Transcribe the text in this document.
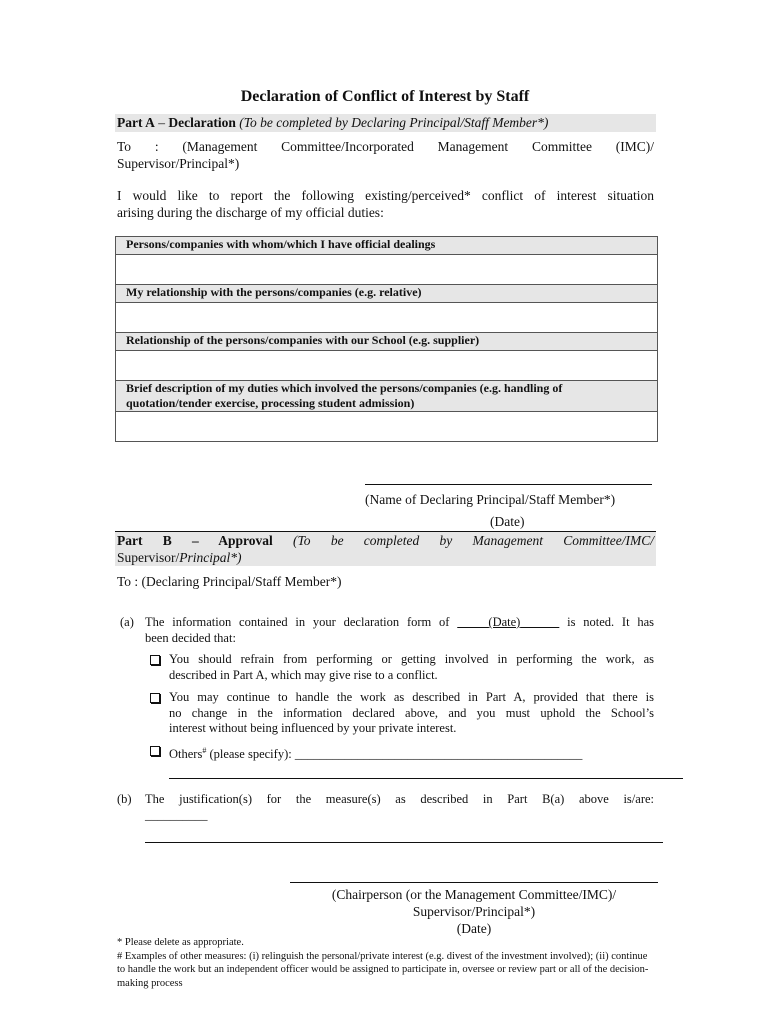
Declaration of Conflict of Interest by Staff
Part A – Declaration (To be completed by Declaring Principal/Staff Member*)
To : (Management Committee/Incorporated Management Committee (IMC)/
Supervisor/Principal*)
I would like to report the following existing/perceived* conflict of interest situation
arising during the discharge of my official duties:
Persons/companies with whom/which I have official dealings

My relationship with the persons/companies (e.g. relative)

Relationship of the persons/companies with our School (e.g. supplier)

Brief description of my duties which involved the persons/companies (e.g. handling of
quotation/tender exercise, processing student admission)

(Name of Declaring Principal/Staff Member*)
(Date)
Part B – Approval (To be completed by Management Committee/IMC/
Supervisor/Principal*)
To : (Declaring Principal/Staff Member*)
(a) The information contained in your declaration form of	(Date)	is noted. It has
been decided that:
You should refrain from performing or getting involved in performing the work, as
described in Part A, which may give rise to a conflict.
You may continue to handle the work as described in Part A, provided that there is
no change in the information declared above, and you must uphold the School’s
interest without being influenced by your private interest.
Others# (please specify): ______________________________________________
(b) The justification(s) for the measure(s) as described in Part B(a) above is/are:
__________
(Chairperson (or the Management Committee/IMC)/
Supervisor/Principal*)
(Date)
* Please delete as appropriate.
# Examples of other measures: (i) relinguish the personal/private interest (e.g. divest of the investment involved); (ii) continue to handle the work but an independent officer would be assigned to participate in, oversee or review part or all of the decision-making process
